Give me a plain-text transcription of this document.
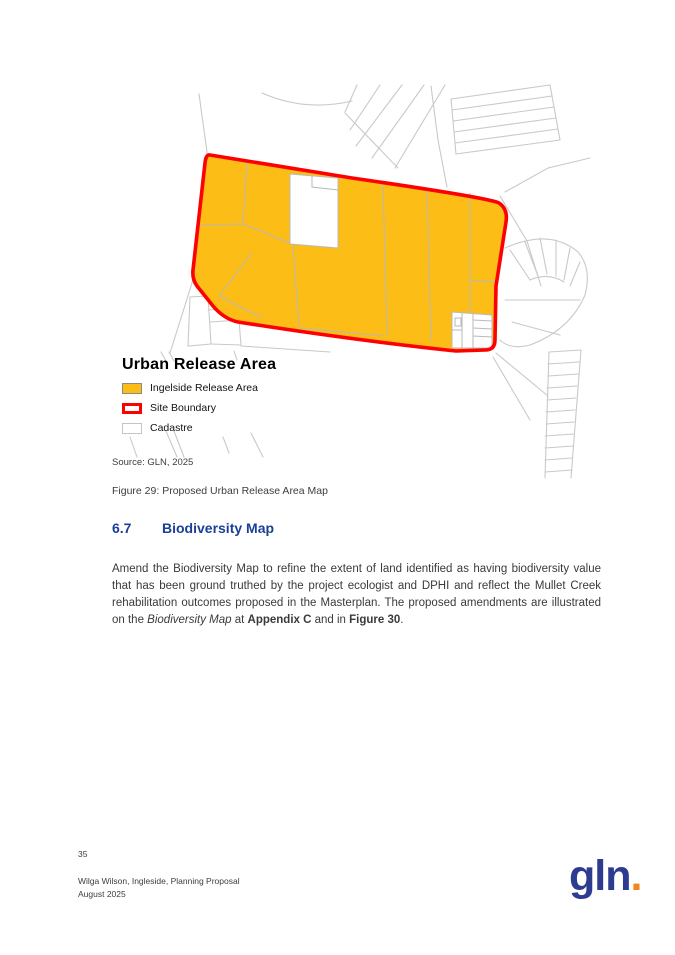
Urban Release Area
Ingelside Release Area
Site Boundary
Cadastre
Source: GLN, 2025
Figure 29: Proposed Urban Release Area Map
6.7 Biodiversity Map

Amend the Biodiversity Map to refine the extent of land identified as having biodiversity value that has been ground truthed by the project ecologist and DPHI and reflect the Mullet Creek rehabilitation outcomes proposed in the Masterplan. The proposed amendments are illustrated on the Biodiversity Map at Appendix C and in Figure 30.

35
Wilga Wilson, Ingleside, Planning Proposal
August 2025	gln.
